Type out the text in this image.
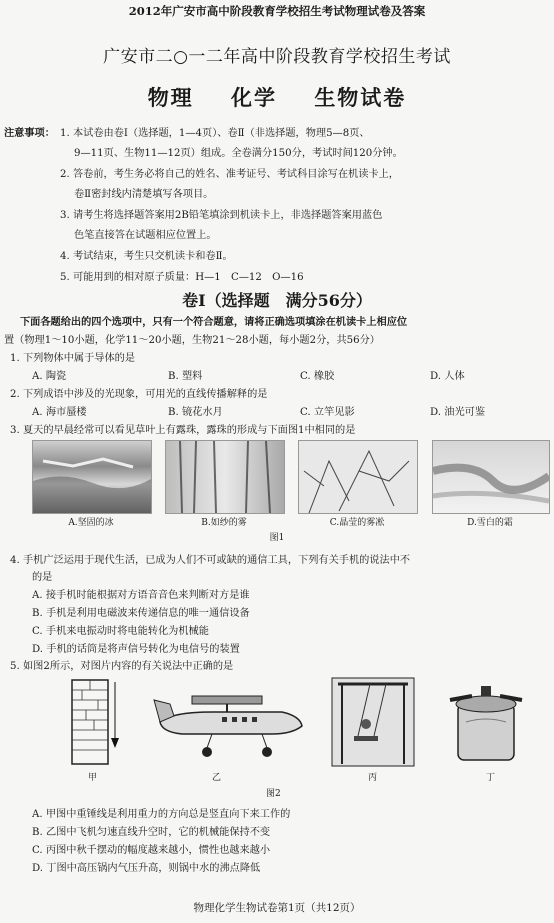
2012年广安市高中阶段教育学校招生考试物理试卷及答案
广安市二○一二年高中阶段教育学校招生考试
物理 化学 生物试卷
注意事项： 1. 本试卷由卷Ⅰ（选择题，1—4页）、卷Ⅱ（非选择题，物理5—8页、
9—11页、生物11—12页）组成。全卷满分150分，考试时间120分钟。
2. 答卷前，考生务必将自己的姓名、准考证号、考试科目涂写在机读卡上，
卷Ⅱ密封线内清楚填写各项目。
3. 请考生将选择题答案用2B铅笔填涂到机读卡上，非选择题答案用蓝色
色笔直接答在试题相应位置上。
4. 考试结束，考生只交机读卡和卷Ⅱ。
5. 可能用到的相对原子质量：H—1　C—12　O—16
卷Ⅰ（选择题　满分56分）
下面各题给出的四个选项中，只有一个符合题意，请将正确选项填涂在机读卡上相应位
置（物理1～10小题，化学11～20小题，生物21～28小题，每小题2分，共56分）
1. 下列物体中属于导体的是
A. 陶瓷	B. 塑料	C. 橡胶	D. 人体
2. 下列成语中涉及的光现象，可用光的直线传播解释的是
A. 海市蜃楼	B. 镜花水月	C. 立竿见影	D. 油光可鉴
3. 夏天的早晨经常可以看见草叶上有露珠，露珠的形成与下面图1中相同的是
A.坚固的冰	B.如纱的雾	C.晶莹的雾凇	D.雪白的霜
图1
4. 手机广泛运用于现代生活，已成为人们不可或缺的通信工具，下列有关手机的说法中不
的是
A. 接手机时能根据对方语音音色来判断对方是谁
B. 手机是利用电磁波来传递信息的唯一通信设备
C. 手机来电振动时将电能转化为机械能
D. 手机的话筒是将声信号转化为电信号的装置
5. 如图2所示，对图片内容的有关说法中正确的是
甲	乙	丙	丁
图2
A. 甲图中重锤线是利用重力的方向总是竖直向下来工作的
B. 乙图中飞机匀速直线升空时，它的机械能保持不变
C. 丙图中秋千摆动的幅度越来越小，惯性也越来越小
D. 丁图中高压锅内气压升高，则锅中水的沸点降低
物理化学生物试卷第1页（共12页）
